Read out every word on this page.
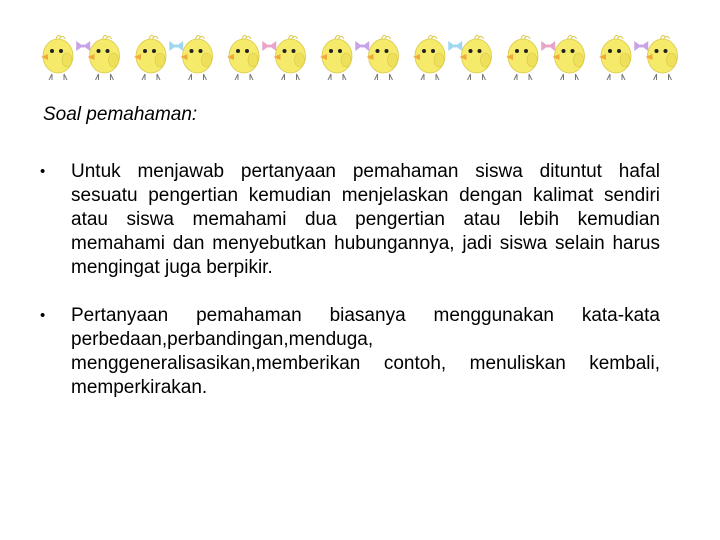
Soal pemahaman:
• Untuk menjawab pertanyaan pemahaman siswa dituntut hafal sesuatu pengertian kemudian menjelaskan dengan kalimat sendiri atau siswa memahami dua pengertian atau lebih kemudian memahami dan menyebutkan hubungannya, jadi siswa selain harus mengingat juga berpikir.
• Pertanyaan pemahaman biasanya menggunakan kata-kata perbedaan,perbandingan,menduga, menggeneralisasikan,memberikan contoh, menuliskan kembali, memperkirakan.
